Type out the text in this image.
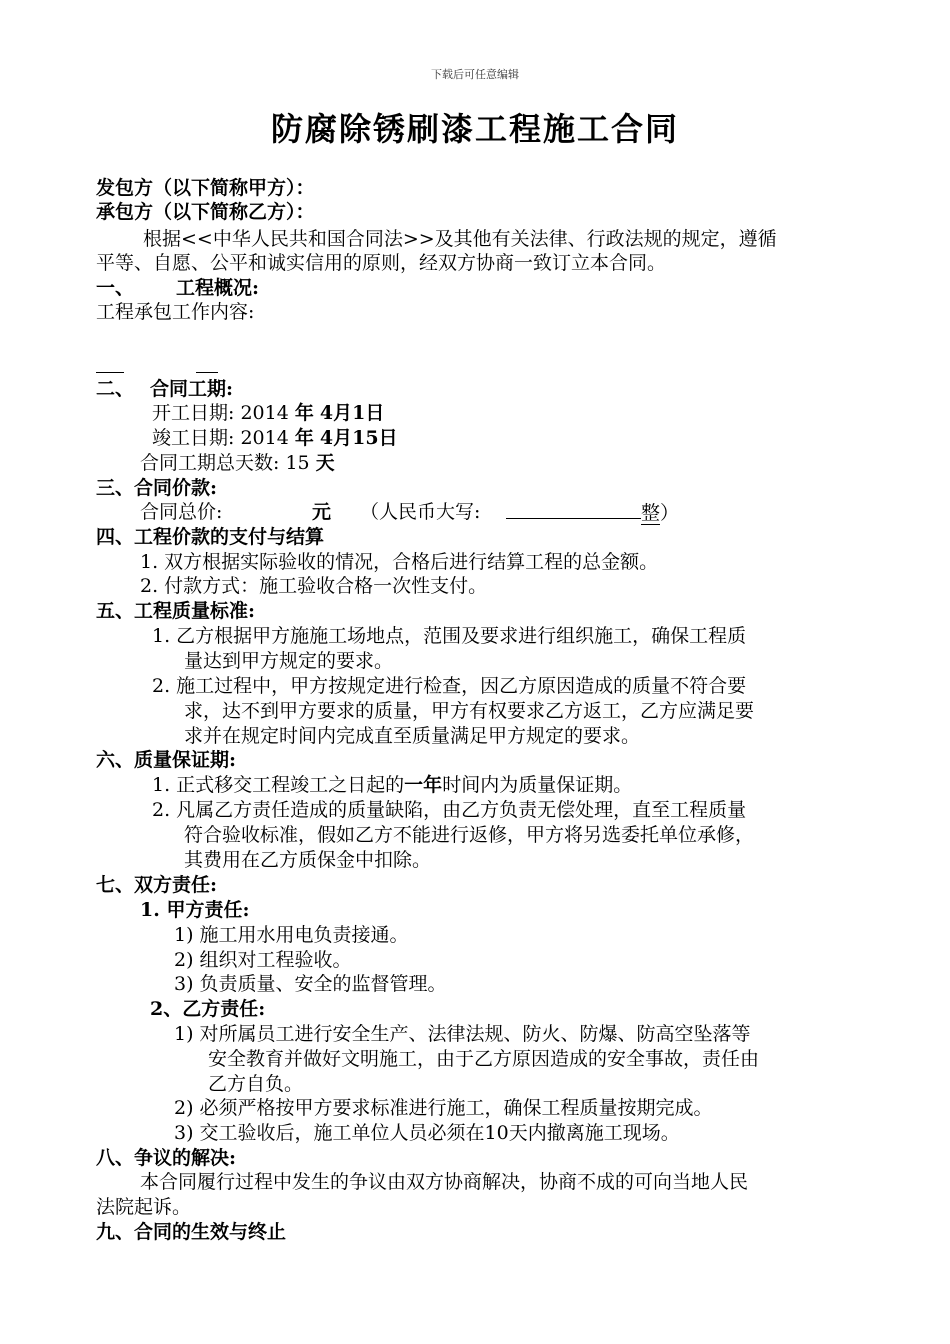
下载后可任意编辑
防腐除锈刷漆工程施工合同
发包方（以下简称甲方）：
承包方（以下简称乙方）：
根据<<中华人民共和国合同法>>及其他有关法律、行政法规的规定，遵循
平等、自愿、公平和诚实信用的原则，经双方协商一致订立本合同。
一、 工程概况:
工程承包工作内容:
二、 合同工期:
开工日期: 2014 年 4月1日
竣工日期: 2014 年 4月15日
合同工期总天数: 15 天
三、合同价款:
合同总价:	元 （人民币大写:	整）
四、工程价款的支付与结算
1. 双方根据实际验收的情况，合格后进行结算工程的总金额。
2. 付款方式：施工验收合格一次性支付。
五、工程质量标准:
1. 乙方根据甲方施施工场地点，范围及要求进行组织施工，确保工程质
量达到甲方规定的要求。
2. 施工过程中，甲方按规定进行检查，因乙方原因造成的质量不符合要
求，达不到甲方要求的质量，甲方有权要求乙方返工，乙方应满足要
求并在规定时间内完成直至质量满足甲方规定的要求。
六、质量保证期:
1. 正式移交工程竣工之日起的一年时间内为质量保证期。
2. 凡属乙方责任造成的质量缺陷，由乙方负责无偿处理，直至工程质量
符合验收标准，假如乙方不能进行返修，甲方将另选委托单位承修，
其费用在乙方质保金中扣除。
七、双方责任:
1. 甲方责任:
1) 施工用水用电负责接通。
2) 组织对工程验收。
3) 负责质量、安全的监督管理。
2、乙方责任:
1) 对所属员工进行安全生产、法律法规、防火、防爆、防高空坠落等
安全教育并做好文明施工，由于乙方原因造成的安全事故，责任由
乙方自负。
2) 必须严格按甲方要求标准进行施工，确保工程质量按期完成。
3) 交工验收后，施工单位人员必须在10天内撤离施工现场。
八、争议的解决:
本合同履行过程中发生的争议由双方协商解决，协商不成的可向当地人民
法院起诉。
九、合同的生效与终止
